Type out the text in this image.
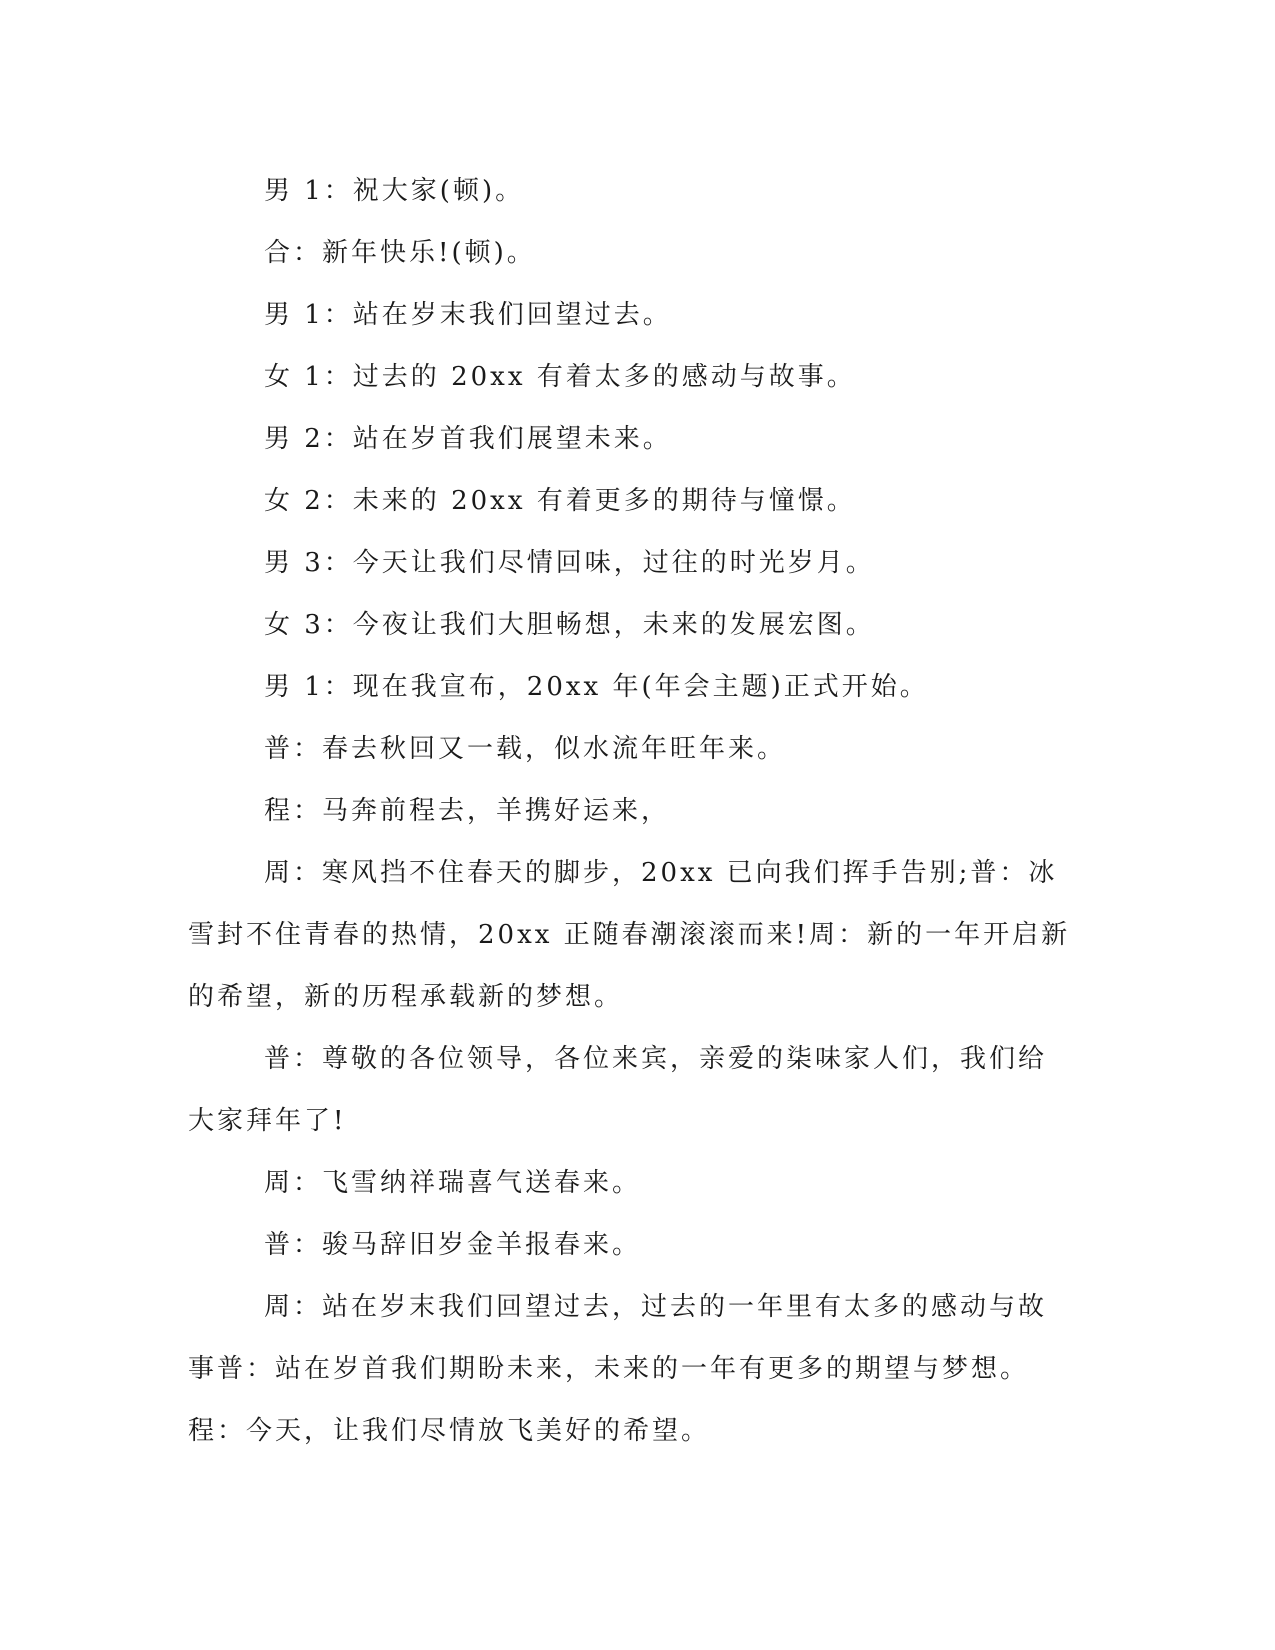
男 1：祝大家(顿)。

合：新年快乐!(顿)。

男 1：站在岁末我们回望过去。

女 1：过去的 20xx 有着太多的感动与故事。

男 2：站在岁首我们展望未来。

女 2：未来的 20xx 有着更多的期待与憧憬。

男 3：今天让我们尽情回味，过往的时光岁月。

女 3：今夜让我们大胆畅想，未来的发展宏图。

男 1：现在我宣布，20xx 年(年会主题)正式开始。

普：春去秋回又一载，似水流年旺年来。

程：马奔前程去，羊携好运来，

周：寒风挡不住春天的脚步，20xx 已向我们挥手告别;普：冰雪封不住青春的热情，20xx 正随春潮滚滚而来!周：新的一年开启新的希望，新的历程承载新的梦想。

普：尊敬的各位领导，各位来宾，亲爱的柒味家人们，我们给大家拜年了!

周：飞雪纳祥瑞喜气送春来。

普：骏马辞旧岁金羊报春来。

周：站在岁末我们回望过去，过去的一年里有太多的感动与故事普：站在岁首我们期盼未来，未来的一年有更多的期望与梦想。程：今天，让我们尽情放飞美好的希望。
